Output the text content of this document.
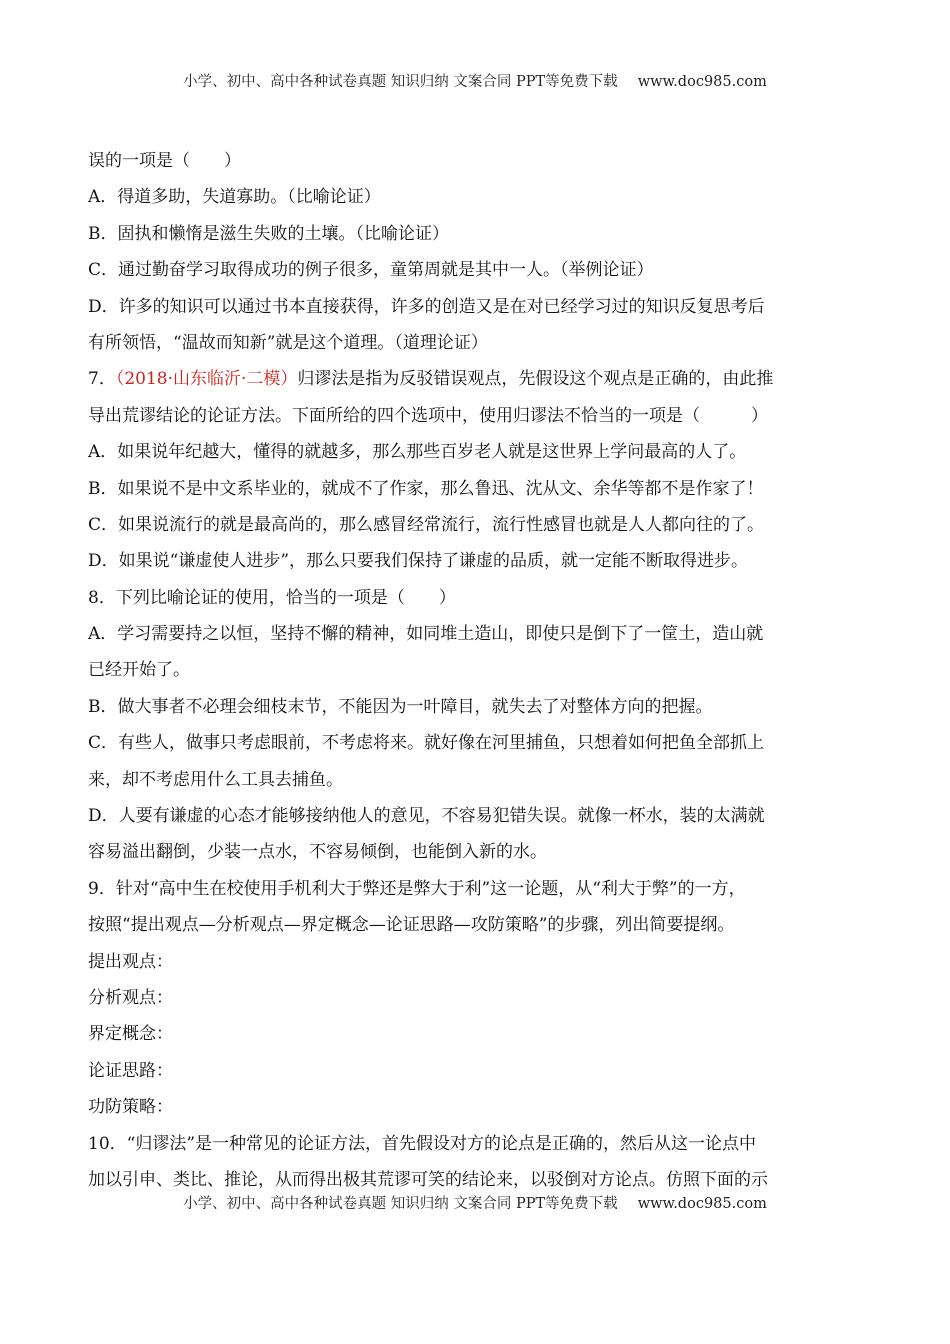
小学、初中、高中各种试卷真题 知识归纳 文案合同 PPT等免费下载 www.doc985.com
误的一项是（　　）
A．得道多助，失道寡助。（比喻论证）
B．固执和懒惰是滋生失败的土壤。（比喻论证）
C．通过勤奋学习取得成功的例子很多，童第周就是其中一人。（举例论证）
D．许多的知识可以通过书本直接获得，许多的创造又是在对已经学习过的知识反复思考后
有所领悟，“温故而知新”就是这个道理。（道理论证）
7．（2018·山东临沂·二模）归谬法是指为反驳错误观点，先假设这个观点是正确的，由此推
导出荒谬结论的论证方法。下面所给的四个选项中，使用归谬法不恰当的一项是（　　　）
A．如果说年纪越大，懂得的就越多，那么那些百岁老人就是这世界上学问最高的人了。
B．如果说不是中文系毕业的，就成不了作家，那么鲁迅、沈从文、余华等都不是作家了！
C．如果说流行的就是最高尚的，那么感冒经常流行，流行性感冒也就是人人都向往的了。
D．如果说“谦虚使人进步”，那么只要我们保持了谦虚的品质，就一定能不断取得进步。
8．下列比喻论证的使用，恰当的一项是（　　）
A．学习需要持之以恒，坚持不懈的精神，如同堆土造山，即使只是倒下了一筐土，造山就
已经开始了。
B．做大事者不必理会细枝末节，不能因为一叶障目，就失去了对整体方向的把握。
C．有些人，做事只考虑眼前，不考虑将来。就好像在河里捕鱼，只想着如何把鱼全部抓上
来，却不考虑用什么工具去捕鱼。
D．人要有谦虚的心态才能够接纳他人的意见，不容易犯错失误。就像一杯水，装的太满就
容易溢出翻倒，少装一点水，不容易倾倒，也能倒入新的水。
9．针对“高中生在校使用手机利大于弊还是弊大于利”这一论题，从“利大于弊”的一方，
按照“提出观点—分析观点—界定概念—论证思路—攻防策略”的步骤，列出简要提纲。
提出观点：
分析观点：
界定概念：
论证思路：
功防策略：
10．“归谬法”是一种常见的论证方法，首先假设对方的论点是正确的，然后从这一论点中
加以引申、类比、推论，从而得出极其荒谬可笑的结论来，以驳倒对方论点。仿照下面的示
小学、初中、高中各种试卷真题 知识归纳 文案合同 PPT等免费下载 www.doc985.com
